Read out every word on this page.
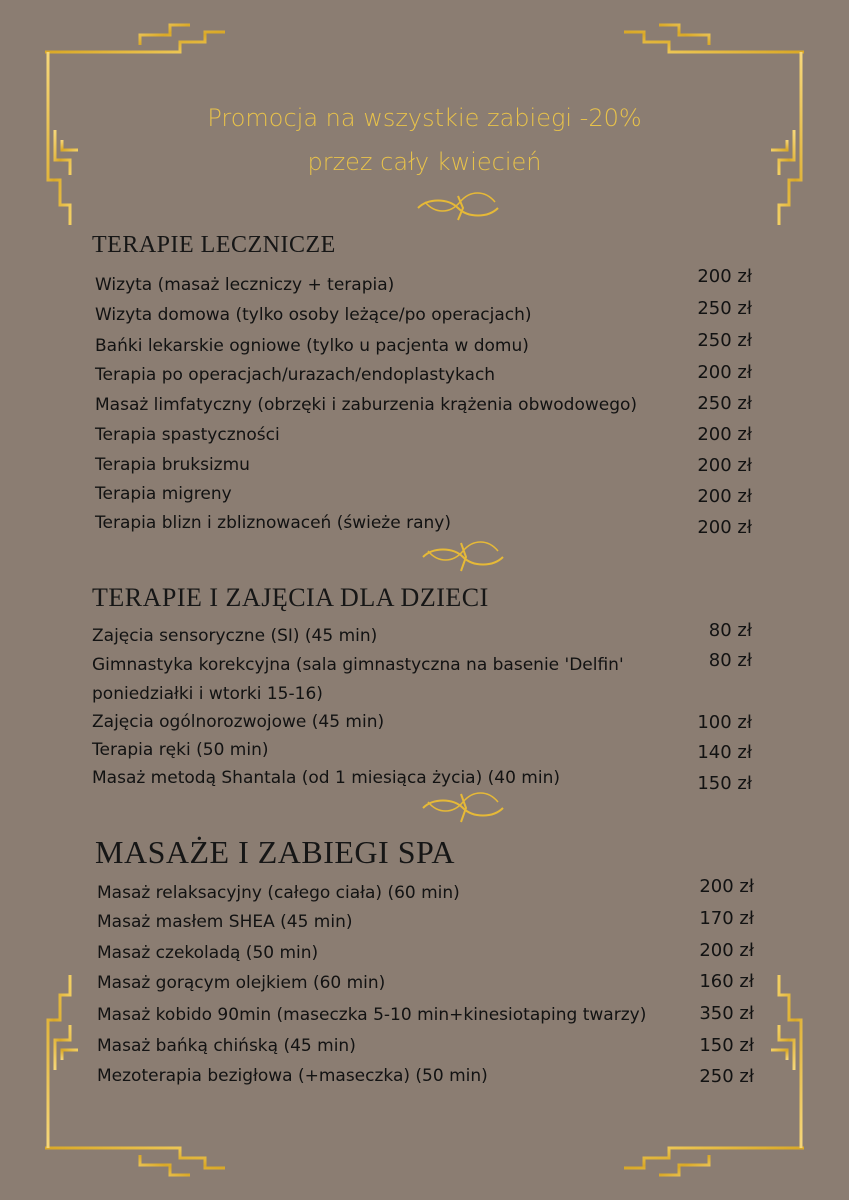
Promocja na wszystkie zabiegi -20%
przez cały kwiecień
TERAPIE LECZNICZE
Wizyta (masaż leczniczy + terapia)	200 zł
Wizyta domowa (tylko osoby leżące/po operacjach)	250 zł
Bańki lekarskie ogniowe (tylko u pacjenta w domu)	250 zł
Terapia po operacjach/urazach/endoplastykach	200 zł
Masaż limfatyczny (obrzęki i zaburzenia krążenia obwodowego)	250 zł
Terapia spastyczności	200 zł
Terapia bruksizmu	200 zł
Terapia migreny	200 zł
Terapia blizn i zbliznowaceń (świeże rany)	200 zł
TERAPIE I ZAJĘCIA DLA DZIECI
Zajęcia sensoryczne (SI) (45 min)	80 zł
Gimnastyka korekcyjna (sala gimnastyczna na basenie 'Delfin'	80 zł
poniedziałki i wtorki 15-16)
Zajęcia ogólnorozwojowe (45 min)	100 zł
Terapia ręki (50 min)	140 zł
Masaż metodą Shantala (od 1 miesiąca życia) (40 min)	150 zł
MASAŻE I ZABIEGI SPA
Masaż relaksacyjny (całego ciała) (60 min)	200 zł
Masaż masłem SHEA (45 min)	170 zł
Masaż czekoladą (50 min)	200 zł
Masaż gorącym olejkiem (60 min)	160 zł
Masaż kobido 90min (maseczka 5-10 min+kinesiotaping twarzy)	350 zł
Masaż bańką chińską (45 min)	150 zł
Mezoterapia bezigłowa (+maseczka) (50 min)	250 zł
